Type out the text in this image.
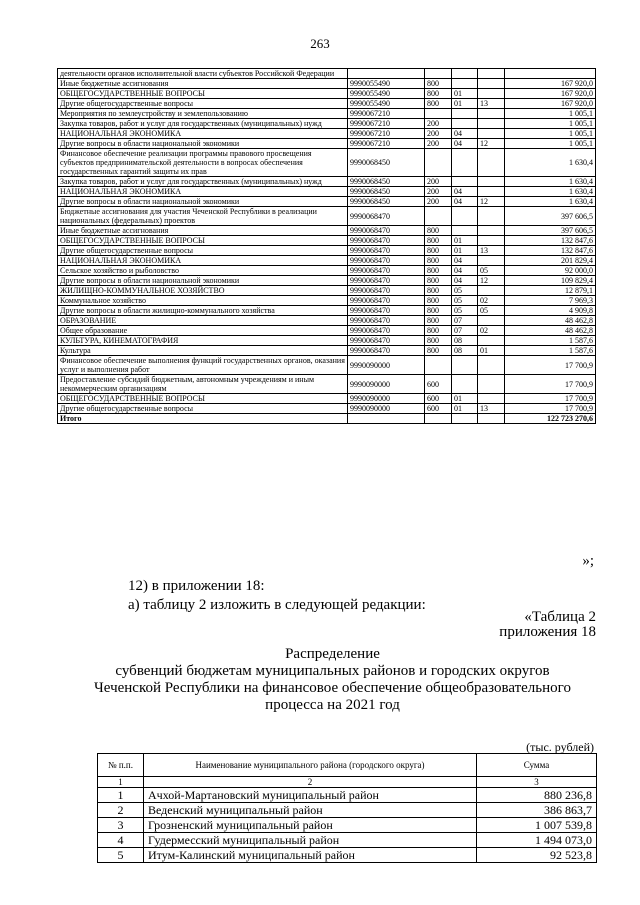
263
деятельности органов исполнительной власти субъектов Российской Федерации					
Иные бюджетные ассигнования	9990055490	800			167 920,0
ОБЩЕГОСУДАРСТВЕННЫЕ ВОПРОСЫ	9990055490	800	01		167 920,0
Другие общегосударственные вопросы	9990055490	800	01	13	167 920,0
Мероприятия по землеустройству и землепользованию	9990067210				1 005,1
Закупка товаров, работ и услуг для государственных (муниципальных) нужд	9990067210	200			1 005,1
НАЦИОНАЛЬНАЯ ЭКОНОМИКА	9990067210	200	04		1 005,1
Другие вопросы в области национальной экономики	9990067210	200	04	12	1 005,1
Финансовое обеспечение реализации программы правового просвещения субъектов предпринимательской деятельности в вопросах обеспечения государственных гарантий защиты их прав	9990068450				1 630,4
Закупка товаров, работ и услуг для государственных (муниципальных) нужд	9990068450	200			1 630,4
НАЦИОНАЛЬНАЯ ЭКОНОМИКА	9990068450	200	04		1 630,4
Другие вопросы в области национальной экономики	9990068450	200	04	12	1 630,4
Бюджетные ассигнования для участия Чеченской Республики в реализации национальных (федеральных) проектов	9990068470				397 606,5
Иные бюджетные ассигнования	9990068470	800			397 606,5
ОБЩЕГОСУДАРСТВЕННЫЕ ВОПРОСЫ	9990068470	800	01		132 847,6
Другие общегосударственные вопросы	9990068470	800	01	13	132 847,6
НАЦИОНАЛЬНАЯ ЭКОНОМИКА	9990068470	800	04		201 829,4
Сельское хозяйство и рыболовство	9990068470	800	04	05	92 000,0
Другие вопросы в области национальной экономики	9990068470	800	04	12	109 829,4
ЖИЛИЩНО-КОММУНАЛЬНОЕ ХОЗЯЙСТВО	9990068470	800	05		12 879,1
Коммунальное хозяйство	9990068470	800	05	02	7 969,3
Другие вопросы в области жилищно-коммунального хозяйства	9990068470	800	05	05	4 909,8
ОБРАЗОВАНИЕ	9990068470	800	07		48 462,8
Общее образование	9990068470	800	07	02	48 462,8
КУЛЬТУРА, КИНЕМАТОГРАФИЯ	9990068470	800	08		1 587,6
Культура	9990068470	800	08	01	1 587,6
Финансовое обеспечение выполнения функций государственных органов, оказания услуг и выполнения работ	9990090000				17 700,9
Предоставление субсидий бюджетным, автономным учреждениям и иным некоммерческим организациям	9990090000	600			17 700,9
ОБЩЕГОСУДАРСТВЕННЫЕ ВОПРОСЫ	9990090000	600	01		17 700,9
Другие общегосударственные вопросы	9990090000	600	01	13	17 700,9
Итого					122 723 270,6
»;
12) в приложении 18:
а) таблицу 2 изложить в следующей редакции:
«Таблица 2
приложения 18
Распределение
субвенций бюджетам муниципальных районов и городских округов
Чеченской Республики на финансовое обеспечение общеобразовательного
процесса на 2021 год
(тыс. рублей)
№ п.п.	Наименование муниципального района (городского округа)	Сумма
1	2	3
1	Ачхой-Мартановский муниципальный район	880 236,8
2	Веденский муниципальный район	386 863,7
3	Грозненский муниципальный район	1 007 539,8
4	Гудермесский муниципальный район	1 494 073,0
5	Итум-Калинский муниципальный район	92 523,8
